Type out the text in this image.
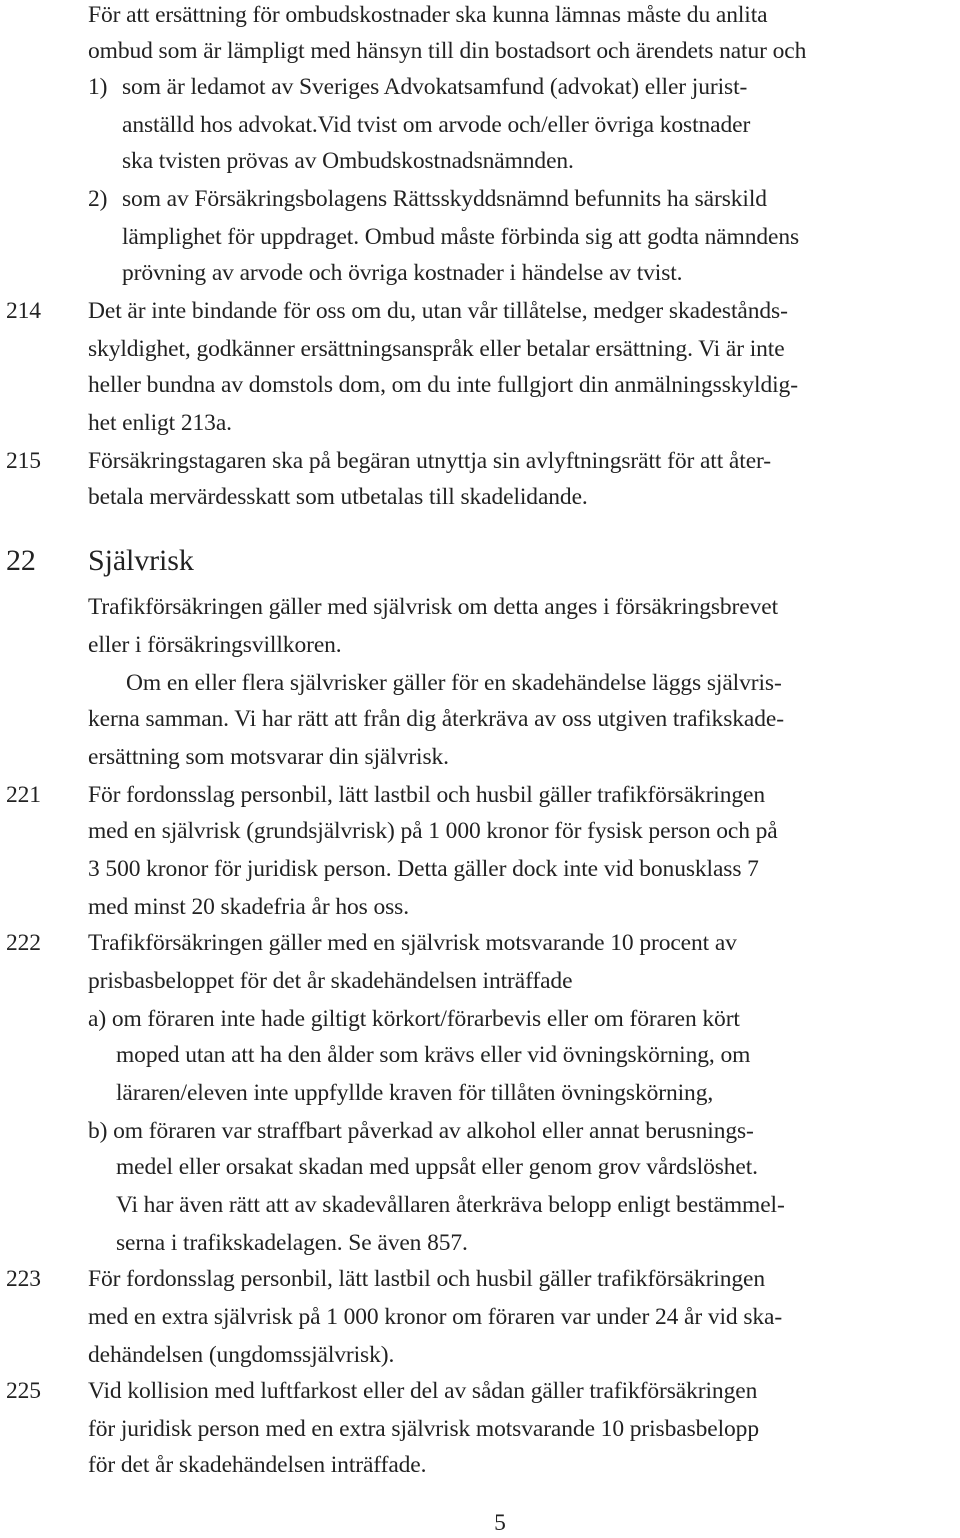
För att ersättning för ombudskostnader ska kunna lämnas måste du anlita
ombud som är lämpligt med hänsyn till din bostadsort och ärendets natur och
1) som är ledamot av Sveriges Advokatsamfund (advokat) eller jurist-
anställd hos advokat.Vid tvist om arvode och/eller övriga kostnader
ska tvisten prövas av Ombudskostnadsnämnden.
2) som av Försäkringsbolagens Rättsskyddsnämnd befunnits ha särskild
lämplighet för uppdraget. Ombud måste förbinda sig att godta nämndens
prövning av arvode och övriga kostnader i händelse av tvist.
214 Det är inte bindande för oss om du, utan vår tillåtelse, medger skadestånds-
skyldighet, godkänner ersättningsanspråk eller betalar ersättning. Vi är inte
heller bundna av domstols dom, om du inte fullgjort din anmälningsskyldig-
het enligt 213a.
215 Försäkringstagaren ska på begäran utnyttja sin avlyftningsrätt för att åter-
betala mervärdesskatt som utbetalas till skadelidande.
22 Självrisk
Trafikförsäkringen gäller med självrisk om detta anges i försäkringsbrevet
eller i försäkringsvillkoren.
Om en eller flera självrisker gäller för en skadehändelse läggs självris-
kerna samman. Vi har rätt att från dig återkräva av oss utgiven trafikskade-
ersättning som motsvarar din självrisk.
221 För fordonsslag personbil, lätt lastbil och husbil gäller trafikförsäkringen
med en självrisk (grundsjälvrisk) på 1 000 kronor för fysisk person och på
3 500 kronor för juridisk person. Detta gäller dock inte vid bonusklass 7
med minst 20 skadefria år hos oss.
222 Trafikförsäkringen gäller med en självrisk motsvarande 10 procent av
prisbasbeloppet för det år skadehändelsen inträffade
a) om föraren inte hade giltigt körkort/förarbevis eller om föraren kört
moped utan att ha den ålder som krävs eller vid övningskörning, om
läraren/eleven inte uppfyllde kraven för tillåten övningskörning,
b) om föraren var straffbart påverkad av alkohol eller annat berusnings-
medel eller orsakat skadan med uppsåt eller genom grov vårdslöshet.
Vi har även rätt att av skadevållaren återkräva belopp enligt bestämmel-
serna i trafikskadelagen. Se även 857.
223 För fordonsslag personbil, lätt lastbil och husbil gäller trafikförsäkringen
med en extra självrisk på 1 000 kronor om föraren var under 24 år vid ska-
dehändelsen (ungdomssjälvrisk).
225 Vid kollision med luftfarkost eller del av sådan gäller trafikförsäkringen
för juridisk person med en extra självrisk motsvarande 10 prisbasbelopp
för det år skadehändelsen inträffade.
5
